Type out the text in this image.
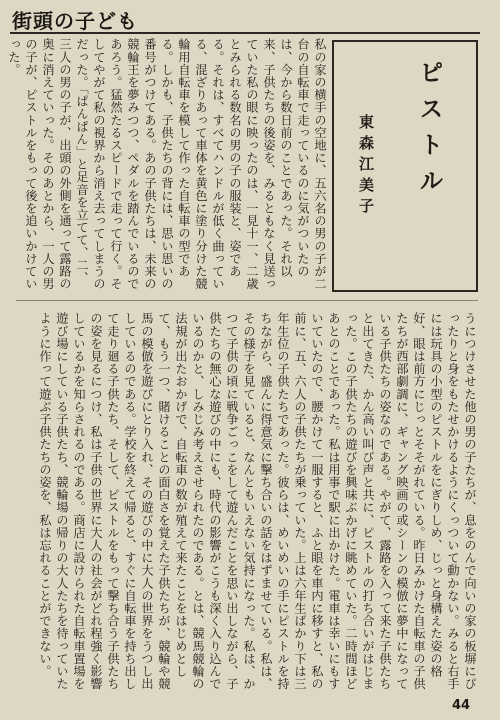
街頭の子ども
私の家の横手の空地に、五六名の男の子が二台の自転車で走っているのに気がついたのは、今から数日前のことであった。それ以来、子供たちの後姿を、みるともなく見送っていた私の眼に映ったのは、一見十一、二歳とみられる数名の男の子の服装と、姿である。それは、すべてハンドルが低く曲っている、混ざりあって車体を黄色に塗り分けた競輪用自転車を模して作った自転車の型である。しかも、子供たちの背には、思い思いの番号がつけてある。あの子供たちは、未来の競輪王を夢みつつ、ペダルを踏んでいるのであろう。猛然たるスピードで走って行く。そしてやがて私の視界から消え去ってしまうのだった。「ぱんぱん」と足音を立てて、二、三人の男の子が、出頭の外側を通って露路の奥に消えていった。そのあとから、一人の男の子が、ピストルをもって後を追いかけていった。
ピストル
東森江美子
うにつけさせた他の男の子たちが、息をのんで向いの家の板塀にぴったりと身をもたせかけるようにくっついて動かない。みると右手には玩具の小型のピストルをにぎりしめ、じっと身構えた姿の格好、眼は前方にじっとそそがれている。昨日みかけた自転車の子供たちが西部劇調に、ギャング映画の或シーンの模倣に夢中になっている子供たちの姿なのである。やがて、露路を入って来た子供たちと出てきた、かん高い叫び声と共に、ピストルの打ち合いがはじまった。この子供たちの遊びを興味ぶかげに眺めていた。二時間ほどあとのことであった。私は用事で駅に出かけた。電車は幸いにもすいていたので、腰かけて一服すると、ふと眼を車内に移すと、私の前に、五、六人の子供たちが乗っていた。上は六年生ばかり下は三年生位の子供たちであった。彼らは、めいめいの手にピストルを持ちながら、盛んに得意気に撃ち合いの話をはずませている。私は、その様子を見ていると、なんともいえない気持になった。私は、かつて子供の頃に戦争ごっこをして遊んだことを思い出しながら、子供たちの無心な遊びの中にも、時代の影響がこうも深く入り込んでいるのかと、しみじみ考えさせられたのである。とは、競馬競輪の法規が出たおかげで、自転車の数が殖えて来たことをはじめとして、もう一つ、賭けることの面白さを覚えた子供たちが、競輪や競馬の模倣を遊びにとり入れ、その遊びの中に大人の世界をうつし出しているのである。学校を終えて帰ると、すぐに自転車を持ち出して走り廻る子供たち、そして、ピストルをもって撃ち合う子供たちの姿を見るにつけ、私は子供の世界に大人の社会がどれ程強く影響しているかを知らされるのである。商店に設けられた自転車置場を遊び場にしている子供たち、競輪場の帰りの大人たちを待っていたように作って遊ぶ子供たちの姿を、私は忘れることができない。
44
